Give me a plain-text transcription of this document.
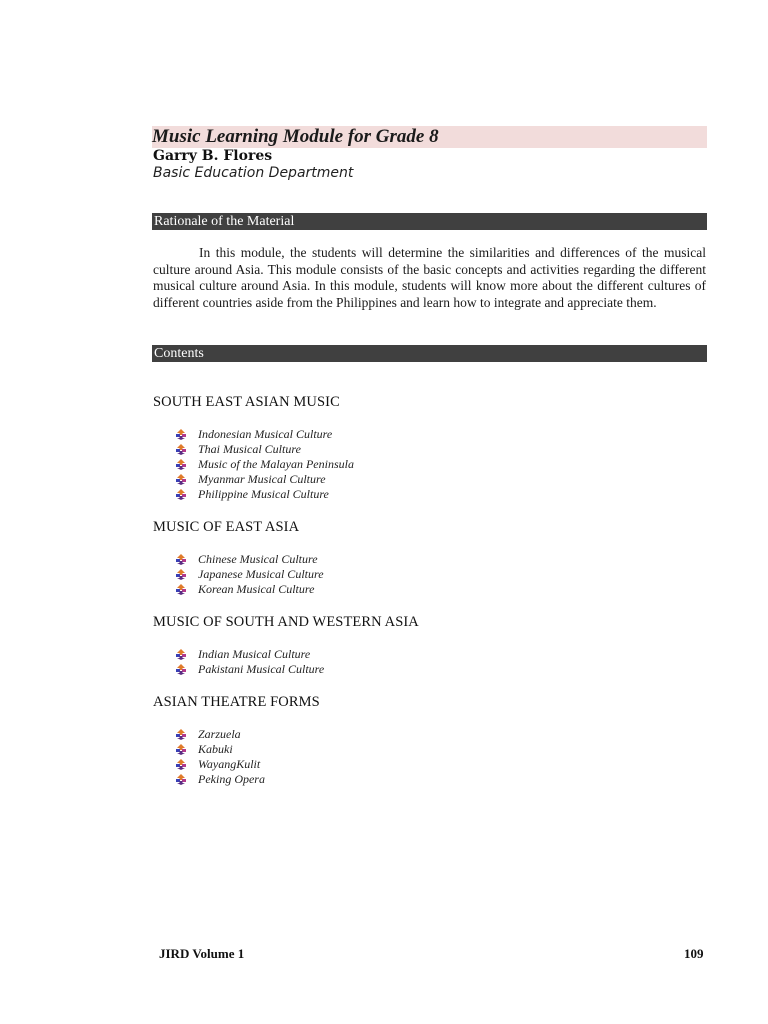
Music Learning Module for Grade 8
Garry B. Flores
Basic Education Department
Rationale of the Material
In this module, the students will determine the similarities and differences of the musical culture around Asia. This module consists of the basic concepts and activities regarding the different musical culture around Asia. In this module, students will know more about the different cultures of different countries aside from the Philippines and learn how to integrate and appreciate them.
Contents
SOUTH EAST ASIAN MUSIC
Indonesian Musical Culture
Thai Musical Culture
Music of the Malayan Peninsula
Myanmar Musical Culture
Philippine Musical Culture
MUSIC OF EAST ASIA
Chinese Musical Culture
Japanese Musical Culture
Korean Musical Culture
MUSIC OF SOUTH AND WESTERN ASIA
Indian Musical Culture
Pakistani Musical Culture
ASIAN THEATRE FORMS
Zarzuela
Kabuki
WayangKulit
Peking Opera
JIRD Volume 1	109
